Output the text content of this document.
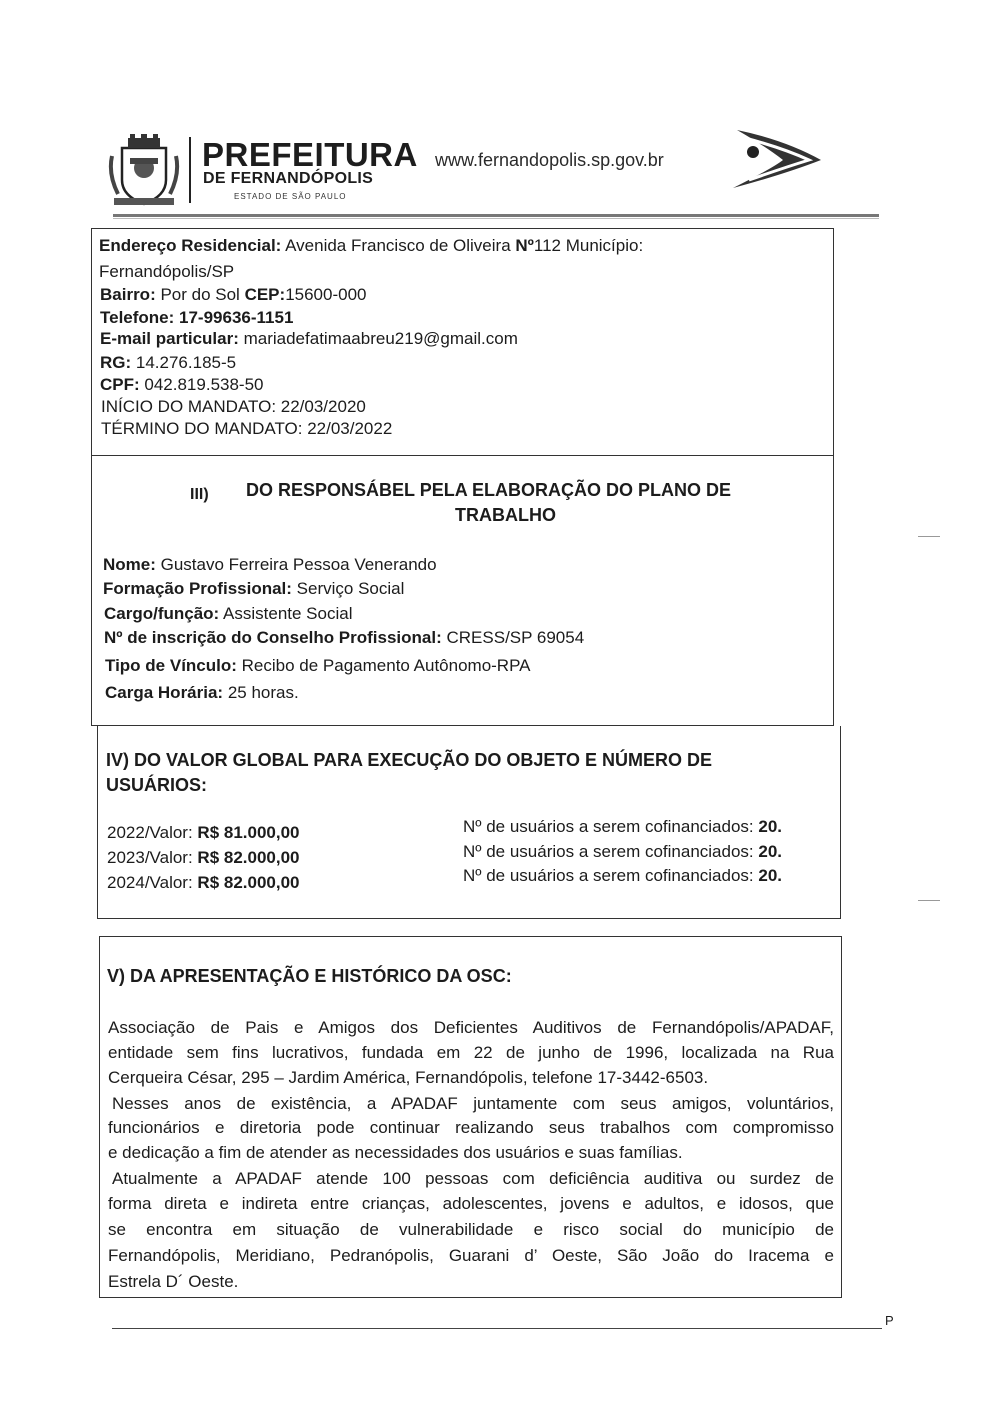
PREFEITURA
DE FERNANDÓPOLIS
ESTADO DE SÃO PAULO
www.fernandopolis.sp.gov.br
Endereço Residencial: Avenida Francisco de Oliveira Nº112 Município:
Fernandópolis/SP
Bairro: Por do Sol CEP:15600-000
Telefone: 17-99636-1151
E-mail particular: mariadefatimaabreu219@gmail.com
RG: 14.276.185-5
CPF: 042.819.538-50
INÍCIO DO MANDATO: 22/03/2020
TÉRMINO DO MANDATO: 22/03/2022
III) DO RESPONSÁBEL PELA ELABORAÇÃO DO PLANO DE
TRABALHO
Nome: Gustavo Ferreira Pessoa Venerando
Formação Profissional: Serviço Social
Cargo/função: Assistente Social
Nº de inscrição do Conselho Profissional: CRESS/SP 69054
Tipo de Vínculo: Recibo de Pagamento Autônomo-RPA
Carga Horária: 25 horas.
IV) DO VALOR GLOBAL PARA EXECUÇÃO DO OBJETO E NÚMERO DE
USUÁRIOS:
2022/Valor: R$ 81.000,00
2023/Valor: R$ 82.000,00
2024/Valor: R$ 82.000,00
Nº de usuários a serem cofinanciados: 20.
Nº de usuários a serem cofinanciados: 20.
Nº de usuários a serem cofinanciados: 20.
V) DA APRESENTAÇÃO E HISTÓRICO DA OSC:
Associação de Pais e Amigos dos Deficientes Auditivos de Fernandópolis/APADAF,
entidade sem fins lucrativos, fundada em 22 de junho de 1996, localizada na Rua
Cerqueira César, 295 – Jardim América, Fernandópolis, telefone 17-3442-6503.
Nesses anos de existência, a APADAF juntamente com seus amigos, voluntários,
funcionários e diretoria pode continuar realizando seus trabalhos com compromisso
e dedicação a fim de atender as necessidades dos usuários e suas famílias.
Atualmente a APADAF atende 100 pessoas com deficiência auditiva ou surdez de
forma direta e indireta entre crianças, adolescentes, jovens e adultos, e idosos, que
se encontra em situação de vulnerabilidade e risco social do município de
Fernandópolis, Meridiano, Pedranópolis, Guarani d’ Oeste, São João do Iracema e
Estrela D´ Oeste.
P
